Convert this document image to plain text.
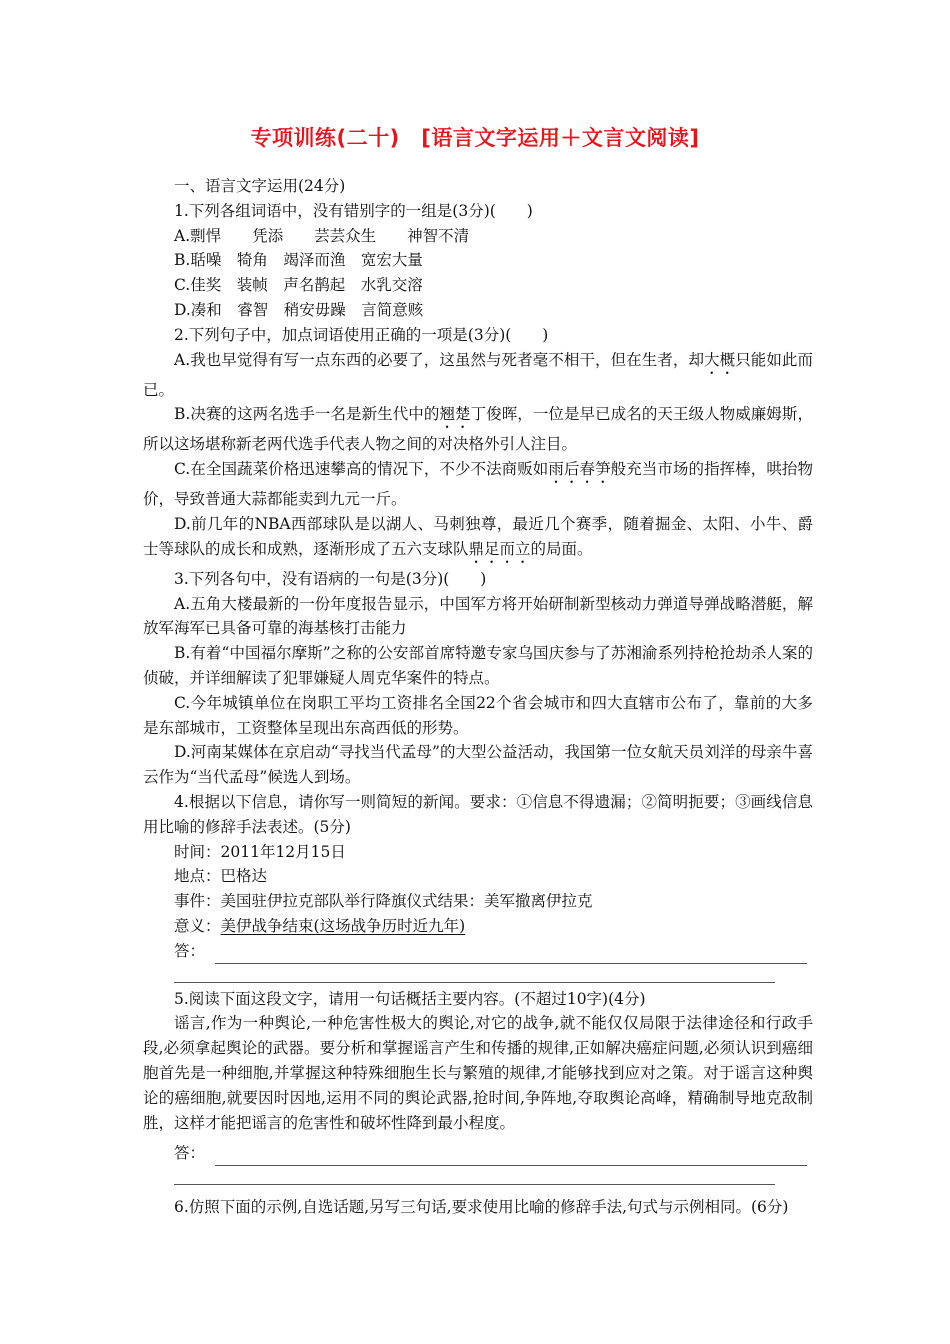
专项训练(二十)　[语言文字运用＋文言文阅读]

一、语言文字运用(24分)

1.下列各组词语中，没有错别字的一组是(3分)(　　)

A.剽悍　　凭添　　芸芸众生　　神智不清

B.聒噪　犄角　竭泽而渔　宽宏大量

C.佳奖　装帧　声名鹊起　水乳交溶

D.凑和　睿智　稍安毋躁　言简意赅

2.下列句子中，加点词语使用正确的一项是(3分)(　　)

A.我也早觉得有写一点东西的必要了，这虽然与死者毫不相干，但在生者，却大概只能如此而已。

B.决赛的这两名选手一名是新生代中的翘楚丁俊晖，一位是早已成名的天王级人物威廉姆斯，所以这场堪称新老两代选手代表人物之间的对决格外引人注目。

C.在全国蔬菜价格迅速攀高的情况下，不少不法商贩如雨后春笋般充当市场的指挥棒，哄抬物价，导致普通大蒜都能卖到九元一斤。

D.前几年的NBA西部球队是以湖人、马刺独尊，最近几个赛季，随着掘金、太阳、小牛、爵士等球队的成长和成熟，逐渐形成了五六支球队鼎足而立的局面。

3.下列各句中，没有语病的一句是(3分)(　　)

A.五角大楼最新的一份年度报告显示，中国军方将开始研制新型核动力弹道导弹战略潜艇，解放军海军已具备可靠的海基核打击能力

B.有着“中国福尔摩斯”之称的公安部首席特邀专家乌国庆参与了苏湘渝系列持枪抢劫杀人案的侦破，并详细解读了犯罪嫌疑人周克华案件的特点。

C.今年城镇单位在岗职工平均工资排名全国22个省会城市和四大直辖市公布了，靠前的大多是东部城市，工资整体呈现出东高西低的形势。

D.河南某媒体在京启动“寻找当代孟母”的大型公益活动，我国第一位女航天员刘洋的母亲牛喜云作为“当代孟母”候选人到场。

4.根据以下信息，请你写一则简短的新闻。要求：①信息不得遗漏；②简明扼要；③画线信息用比喻的修辞手法表述。(5分)

时间：2011年12月15日

地点：巴格达

事件：美国驻伊拉克部队举行降旗仪式结果：美军撤离伊拉克

意义：美伊战争结束(这场战争历时近九年)

答：

5.阅读下面这段文字，请用一句话概括主要内容。(不超过10字)(4分)

谣言,作为一种舆论,一种危害性极大的舆论,对它的战争,就不能仅仅局限于法律途径和行政手段,必须拿起舆论的武器。要分析和掌握谣言产生和传播的规律,正如解决癌症问题,必须认识到癌细胞首先是一种细胞,并掌握这种特殊细胞生长与繁殖的规律,才能够找到应对之策。对于谣言这种舆论的癌细胞,就要因时因地,运用不同的舆论武器,抢时间,争阵地,夺取舆论高峰，精确制导地克敌制胜，这样才能把谣言的危害性和破坏性降到最小程度。

答：

6.仿照下面的示例,自选话题,另写三句话,要求使用比喻的修辞手法,句式与示例相同。(6分)
